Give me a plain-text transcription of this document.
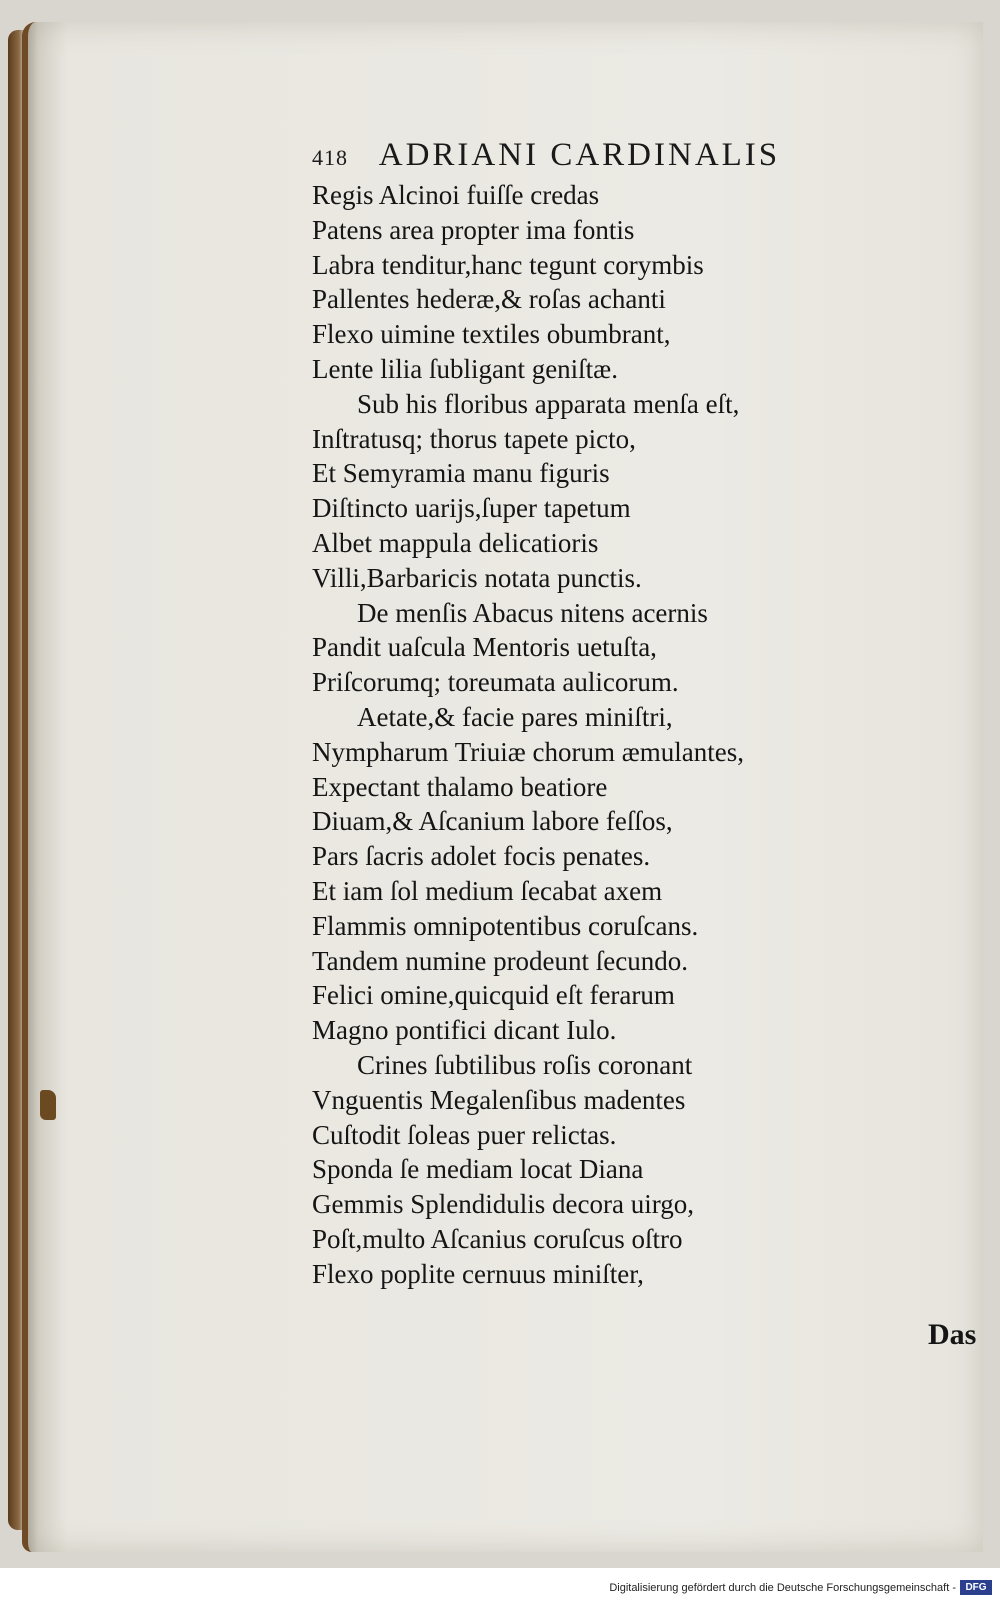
418 ADRIANI CARDINALIS
Regis Alcinoi fuiſſe credas
Patens area propter ima fontis
Labra tenditur,hanc tegunt corymbis
Pallentes hederæ,& roſas achanti
Flexo uimine textiles obumbrant,
Lente lilia ſubligant geniſtæ.
Sub his floribus apparata menſa eſt,
Inſtratusq; thorus tapete picto,
Et Semyramia manu figuris
Diſtincto uarijs,ſuper tapetum
Albet mappula delicatioris
Villi,Barbaricis notata punctis.
De menſis Abacus nitens acernis
Pandit uaſcula Mentoris uetuſta,
Priſcorumq; toreumata aulicorum.
Aetate,& facie pares miniſtri,
Nympharum Triuiæ chorum æmulantes,
Expectant thalamo beatiore
Diuam,& Aſcanium labore feſſos,
Pars ſacris adolet focis penates.
Et iam ſol medium ſecabat axem
Flammis omnipotentibus coruſcans.
Tandem numine prodeunt ſecundo.
Felici omine,quicquid eſt ferarum
Magno pontifici dicant Iulo.
Crines ſubtilibus roſis coronant
Vnguentis Megalenſibus madentes
Cuſtodit ſoleas puer relictas.
Sponda ſe mediam locat Diana
Gemmis Splendidulis decora uirgo,
Poſt,multo Aſcanius coruſcus oſtro
Flexo poplite cernuus miniſter,
Das
Digitalisierung gefördert durch die Deutsche Forschungsgemeinschaft - DFG
